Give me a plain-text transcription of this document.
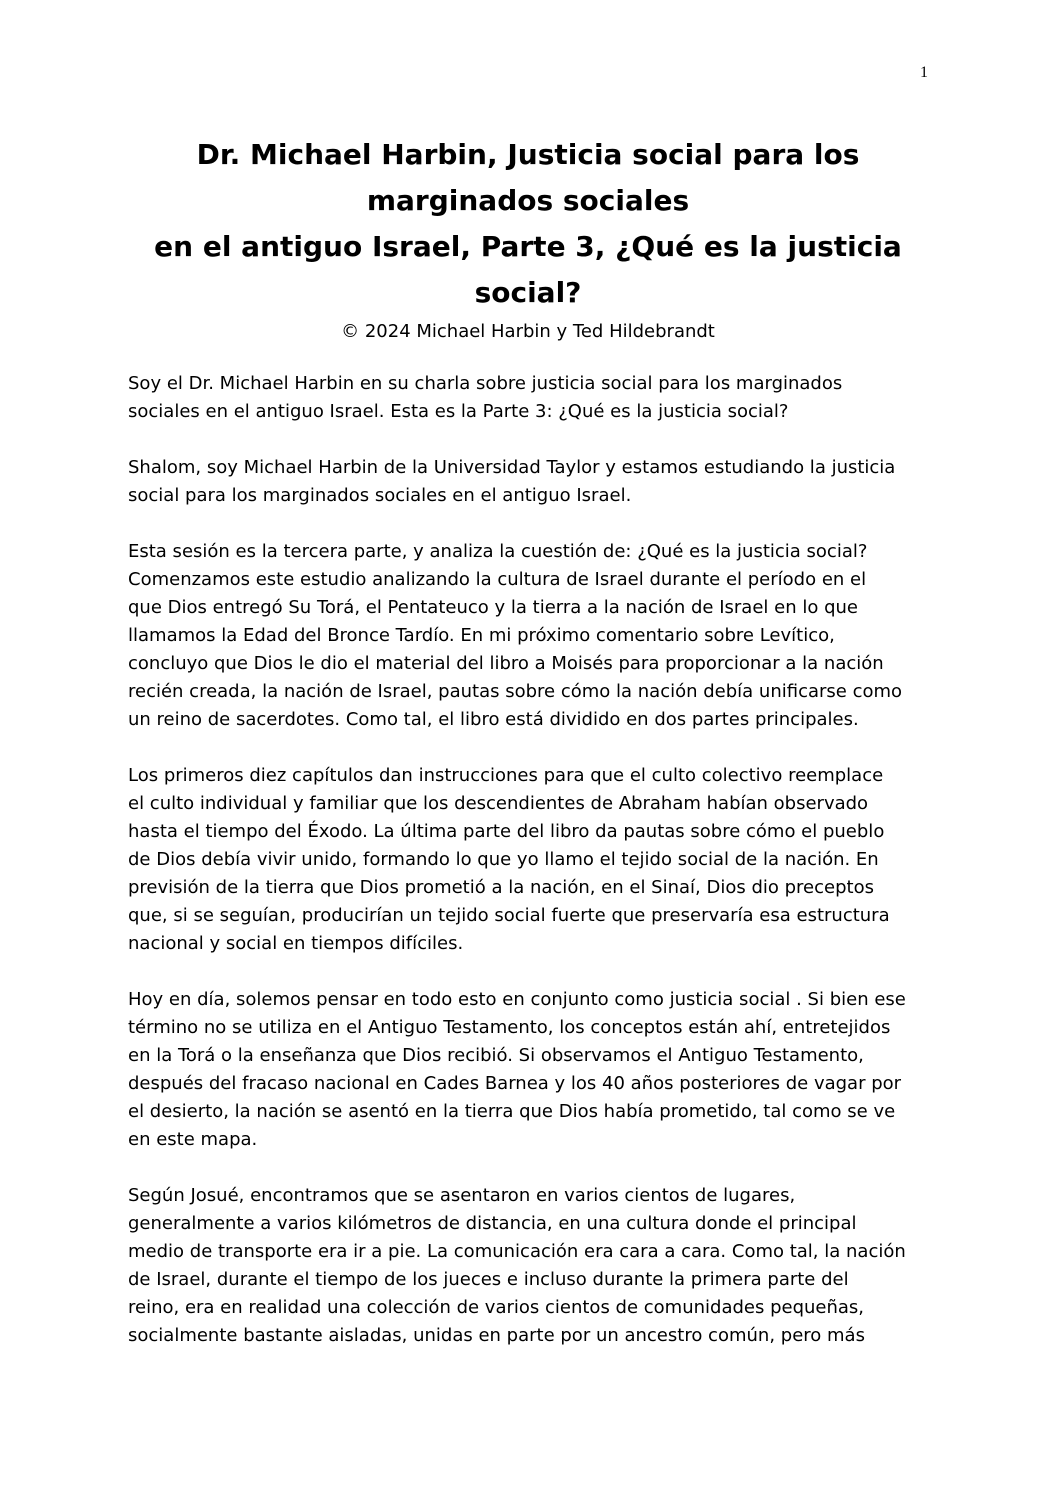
1
Dr. Michael Harbin, Justicia social para los
marginados sociales
en el antiguo Israel, Parte 3, ¿Qué es la justicia
social?
© 2024 Michael Harbin y Ted Hildebrandt

Soy el Dr. Michael Harbin en su charla sobre justicia social para los marginados
sociales en el antiguo Israel. Esta es la Parte 3: ¿Qué es la justicia social?

Shalom, soy Michael Harbin de la Universidad Taylor y estamos estudiando la justicia
social para los marginados sociales en el antiguo Israel.

Esta sesión es la tercera parte, y analiza la cuestión de: ¿Qué es la justicia social?
Comenzamos este estudio analizando la cultura de Israel durante el período en el
que Dios entregó Su Torá, el Pentateuco y la tierra a la nación de Israel en lo que
llamamos la Edad del Bronce Tardío. En mi próximo comentario sobre Levítico,
concluyo que Dios le dio el material del libro a Moisés para proporcionar a la nación
recién creada, la nación de Israel, pautas sobre cómo la nación debía unificarse como
un reino de sacerdotes. Como tal, el libro está dividido en dos partes principales.

Los primeros diez capítulos dan instrucciones para que el culto colectivo reemplace
el culto individual y familiar que los descendientes de Abraham habían observado
hasta el tiempo del Éxodo. La última parte del libro da pautas sobre cómo el pueblo
de Dios debía vivir unido, formando lo que yo llamo el tejido social de la nación. En
previsión de la tierra que Dios prometió a la nación, en el Sinaí, Dios dio preceptos
que, si se seguían, producirían un tejido social fuerte que preservaría esa estructura
nacional y social en tiempos difíciles.

Hoy en día, solemos pensar en todo esto en conjunto como justicia social . Si bien ese
término no se utiliza en el Antiguo Testamento, los conceptos están ahí, entretejidos
en la Torá o la enseñanza que Dios recibió. Si observamos el Antiguo Testamento,
después del fracaso nacional en Cades Barnea y los 40 años posteriores de vagar por
el desierto, la nación se asentó en la tierra que Dios había prometido, tal como se ve
en este mapa.

Según Josué, encontramos que se asentaron en varios cientos de lugares,
generalmente a varios kilómetros de distancia, en una cultura donde el principal
medio de transporte era ir a pie. La comunicación era cara a cara. Como tal, la nación
de Israel, durante el tiempo de los jueces e incluso durante la primera parte del
reino, era en realidad una colección de varios cientos de comunidades pequeñas,
socialmente bastante aisladas, unidas en parte por un ancestro común, pero más
